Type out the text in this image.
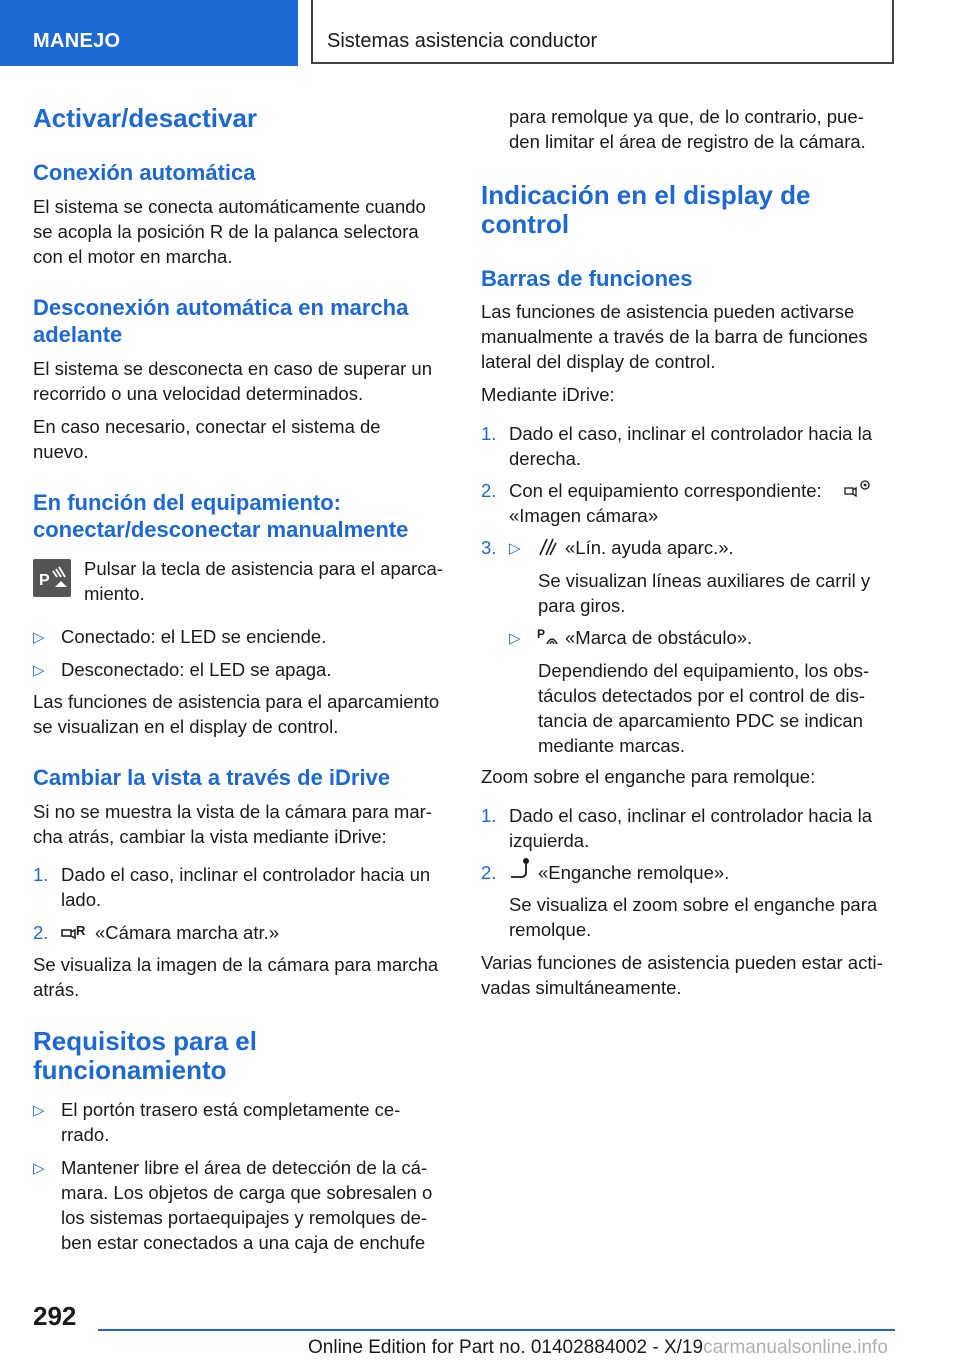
MANEJO	Sistemas asistencia conductor
Activar/desactivar
Conexión automática
El sistema se conecta automáticamente cuando
se acopla la posición R de la palanca selectora
con el motor en marcha.
Desconexión automática en marcha
adelante
El sistema se desconecta en caso de superar un
recorrido o una velocidad determinados.
En caso necesario, conectar el sistema de
nuevo.
En función del equipamiento:
conectar/desconectar manualmente
P
Pulsar la tecla de asistencia para el aparca-
miento.
▷ Conectado: el LED se enciende.
▷ Desconectado: el LED se apaga.
Las funciones de asistencia para el aparcamiento
se visualizan en el display de control.
Cambiar la vista a través de iDrive
Si no se muestra la vista de la cámara para mar-
cha atrás, cambiar la vista mediante iDrive:
1. Dado el caso, inclinar el controlador hacia un
lado.
2. R «Cámara marcha atr.»
Se visualiza la imagen de la cámara para marcha
atrás.
Requisitos para el
funcionamiento
▷ El portón trasero está completamente ce-
rrado.
▷ Mantener libre el área de detección de la cá-
mara. Los objetos de carga que sobresalen o
los sistemas portaequipajes y remolques de-
ben estar conectados a una caja de enchufe
para remolque ya que, de lo contrario, pue-
den limitar el área de registro de la cámara.
Indicación en el display de
control
Barras de funciones
Las funciones de asistencia pueden activarse
manualmente a través de la barra de funciones
lateral del display de control.
Mediante iDrive:
1. Dado el caso, inclinar el controlador hacia la
derecha.
2. Con el equipamiento correspondiente:
«Imagen cámara»
3. ▷ «Lín. ayuda aparc.».
Se visualizan líneas auxiliares de carril y
para giros.
▷ P «Marca de obstáculo».
Dependiendo del equipamiento, los obs-
táculos detectados por el control de dis-
tancia de aparcamiento PDC se indican
mediante marcas.
Zoom sobre el enganche para remolque:
1. Dado el caso, inclinar el controlador hacia la
izquierda.
2. «Enganche remolque».
Se visualiza el zoom sobre el enganche para
remolque.
Varias funciones de asistencia pueden estar acti-
vadas simultáneamente.
292
Online Edition for Part no. 01402884002 - X/19carmanualsonline.info
